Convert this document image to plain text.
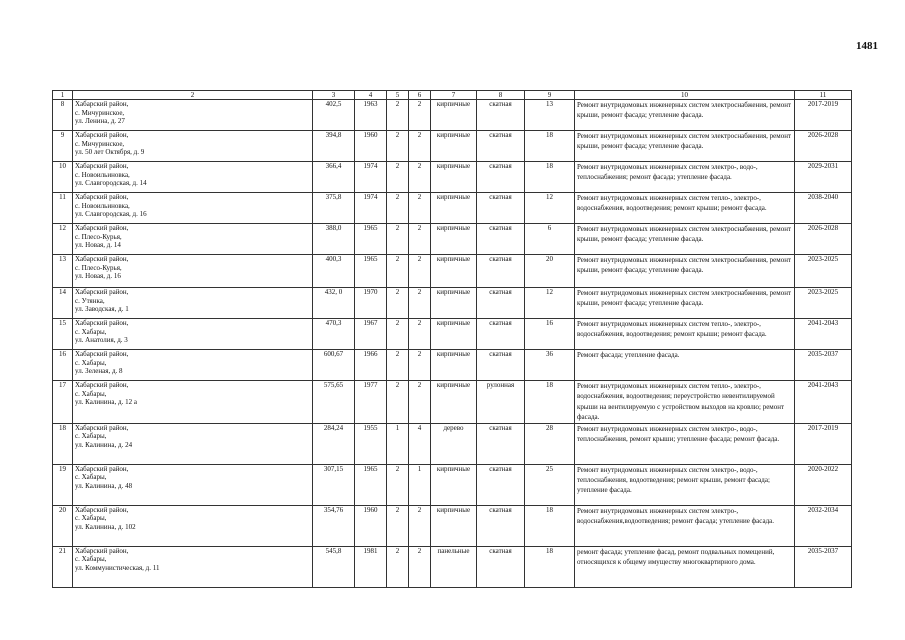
1481
1	2	3	4	5	6	7	8	9	10	11
8	Хабарский район,
с. Мичуринское,
ул. Ленина, д. 27	402,5	1963	2	2	кирпичные	скатная	13	Ремонт внутридомовых инженерных систем электроснабжения, ремонт крыши, ремонт фасада; утепление фасада.	2017-2019
9	Хабарский район,
с. Мичуринское,
ул. 50 лет Октября, д. 9	394,8	1960	2	2	кирпичные	скатная	18	Ремонт внутридомовых инженерных систем электроснабжения, ремонт крыши, ремонт фасада; утепление фасада.	2026-2028
10	Хабарский район,
с. Новоильиновка,
ул. Славгородская, д. 14	366,4	1974	2	2	кирпичные	скатная	18	Ремонт внутридомовых инженерных систем электро-, водо-, теплоснабжения; ремонт фасада; утепление фасада.	2029-2031
11	Хабарский район,
с. Новоильиновка,
ул. Славгородская, д. 16	375,8	1974	2	2	кирпичные	скатная	12	Ремонт внутридомовых инженерных систем тепло-, электро-, водоснабжения, водоотведения; ремонт крыши; ремонт фасада.	2038-2040
12	Хабарский район,
с. Плесо-Курья,
ул. Новая, д. 14	388,0	1965	2	2	кирпичные	скатная	6	Ремонт внутридомовых инженерных систем электроснабжения, ремонт крыши, ремонт фасада; утепление фасада.	2026-2028
13	Хабарский район,
с. Плесо-Курья,
ул. Новая, д. 16	400,3	1965	2	2	кирпичные	скатная	20	Ремонт внутридомовых инженерных систем электроснабжения, ремонт крыши, ремонт фасада; утепление фасада.	2023-2025
14	Хабарский район,
с. Утянка,
ул. Заводская, д. 1	432, 0	1970	2	2	кирпичные	скатная	12	Ремонт внутридомовых инженерных систем электроснабжения, ремонт крыши, ремонт фасада; утепление фасада.	2023-2025
15	Хабарский район,
с. Хабары,
ул. Анатолия, д. 3	470,3	1967	2	2	кирпичные	скатная	16	Ремонт внутридомовых инженерных систем тепло-, электро-, водоснабжения, водоотведения; ремонт крыши; ремонт фасада.	2041-2043
16	Хабарский район,
с. Хабары,
ул. Зеленая, д. 8	600,67	1966	2	2	кирпичные	скатная	36	Ремонт фасада; утепление фасада.	2035-2037
17	Хабарский район,
с. Хабары,
ул. Калинина, д. 12 а	575,65	1977	2	2	кирпичные	рулонная	18	Ремонт внутридомовых инженерных систем тепло-, электро-, водоснабжения, водоотведения; переустройство невентилируемой крыши на вентилируемую с устройством выходов на кровлю; ремонт фасада.	2041-2043
18	Хабарский район,
с. Хабары,
ул. Калинина, д. 24	284,24	1955	1	4	дерево	скатная	28	Ремонт внутридомовых инженерных систем электро-, водо-, теплоснабжения, ремонт крыши; утепление фасада; ремонт фасада.	2017-2019
19	Хабарский район,
с. Хабары,
ул. Калинина, д. 48	307,15	1965	2	1	кирпичные	скатная	25	Ремонт внутридомовых инженерных систем электро-, водо-, теплоснабжения, водоотведения; ремонт крыши, ремонт фасада; утепление фасада.	2020-2022
20	Хабарский район,
с. Хабары,
ул. Калинина, д. 102	354,76	1960	2	2	кирпичные	скатная	18	Ремонт внутридомовых инженерных систем электро-, водоснабжения,водоотведения; ремонт фасада; утепление фасада.	2032-2034
21	Хабарский район,
с. Хабары,
ул. Коммунистическая, д. 11	545,8	1981	2	2	панельные	скатная	18	ремонт фасада; утепление фасад, ремонт подвальных помещений, относящихся к общему имуществу многоквартирного дома.	2035-2037
